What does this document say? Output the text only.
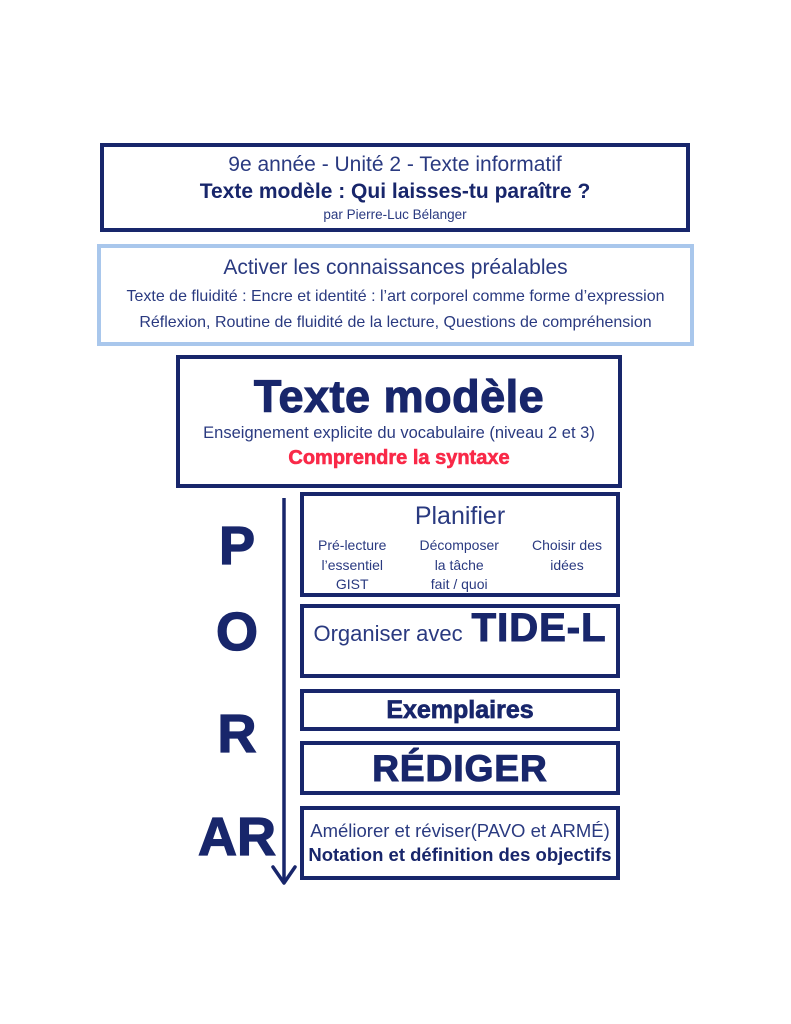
9e année - Unité 2 - Texte informatif
Texte modèle : Qui laisses-tu paraître ?
par Pierre-Luc Bélanger
Activer les connaissances préalables
Texte de fluidité : Encre et identité : l’art corporel comme forme d’expression
Réflexion, Routine de fluidité de la lecture, Questions de compréhension
Texte modèle
Enseignement explicite du vocabulaire (niveau 2 et 3)
Comprendre la syntaxe
P
O
R
AR
Planifier
Pré-lecture
l’essentiel
GIST
Décomposer
la tâche
fait / quoi
Choisir des
idées
Organiser avec TIDE-L
Exemplaires
RÉDIGER
Améliorer et réviser(PAVO et ARMÉ)
Notation et définition des objectifs
